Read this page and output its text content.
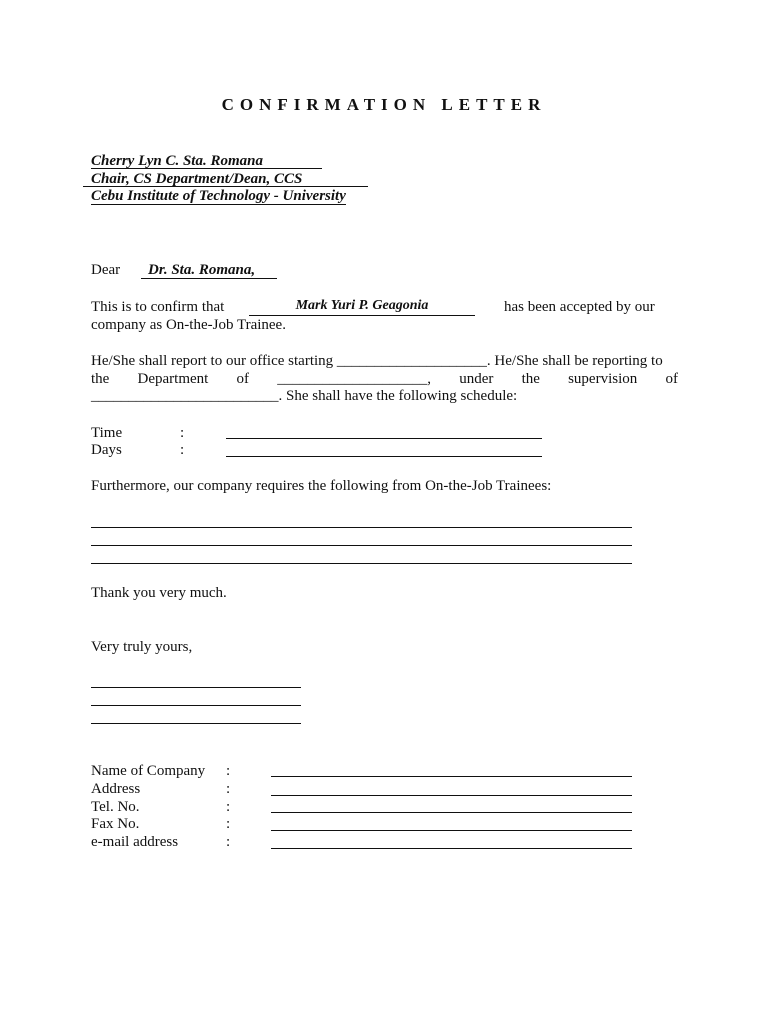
CONFIRMATION LETTER
Cherry Lyn C. Sta. Romana
Chair, CS Department/Dean, CCS
Cebu Institute of Technology - University
Dear Dr. Sta. Romana,
This is to confirm that	Mark Yuri P. Geagonia	has been accepted by our
company as On-the-Job Trainee.
He/She shall report to our office starting ____________________. He/She shall be reporting to
the Department of ____________________, under the supervision of
_________________________. She shall have the following schedule:
Time	:
Days	:
Furthermore, our company requires the following from On-the-Job Trainees:
Thank you very much.
Very truly yours,
Name of Company :
Address	:
Tel. No.	:
Fax No.	:
e-mail address	:
